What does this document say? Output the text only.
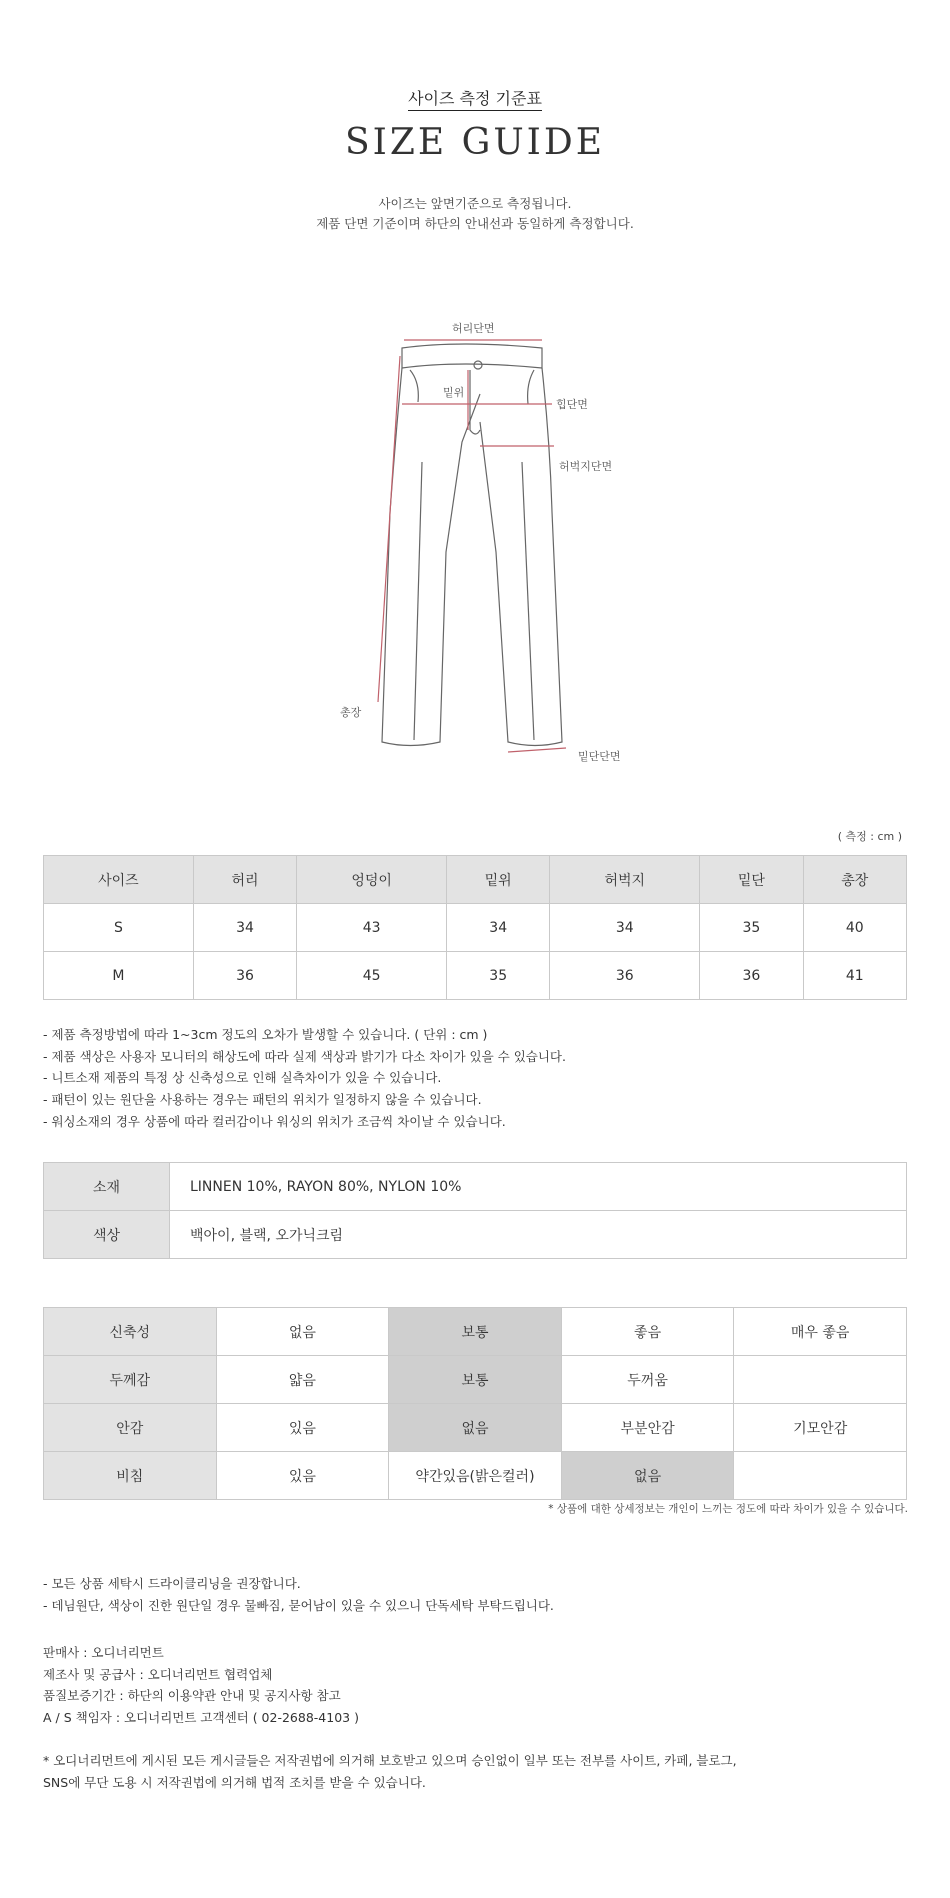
사이즈 측정 기준표
SIZE GUIDE
사이즈는 앞면기준으로 측정됩니다.
제품 단면 기준이며 하단의 안내선과 동일하게 측정합니다.
허리단면
밑위
힙단면
허벅지단면
총장
밑단단면
( 측정 : cm )
사이즈	허리	엉덩이	밑위	허벅지	밑단	총장
S	34	43	34	34	35	40
M	36	45	35	36	36	41
- 제품 측정방법에 따라 1~3cm 정도의 오차가 발생할 수 있습니다. ( 단위 : cm )
- 제품 색상은 사용자 모니터의 해상도에 따라 실제 색상과 밝기가 다소 차이가 있을 수 있습니다.
- 니트소재 제품의 특정 상 신축성으로 인해 실측차이가 있을 수 있습니다.
- 패턴이 있는 원단을 사용하는 경우는 패턴의 위치가 일정하지 않을 수 있습니다.
- 워싱소재의 경우 상품에 따라 컬러감이나 워싱의 위치가 조금씩 차이날 수 있습니다.
소재	LINNEN 10%, RAYON 80%, NYLON 10%
색상	백아이, 블랙, 오가닉크림
신축성	없음	보통	좋음	매우 좋음
두께감	얇음	보통	두꺼움	
안감	있음	없음	부분안감	기모안감
비침	있음	약간있음(밝은컬러)	없음	
* 상품에 대한 상세정보는 개인이 느끼는 정도에 따라 차이가 있을 수 있습니다.
- 모든 상품 세탁시 드라이클리닝을 권장합니다.
- 데님원단, 색상이 진한 원단일 경우 물빠짐, 묻어남이 있을 수 있으니 단독세탁 부탁드립니다.
판매사 : 오디너리먼트
제조사 및 공급사 : 오디너리먼트 협력업체
품질보증기간 : 하단의 이용약관 안내 및 공지사항 참고
A / S 책임자 : 오디너리먼트 고객센터 ( 02-2688-4103 )
* 오디너리먼트에 게시된 모든 게시글들은 저작권법에 의거해 보호받고 있으며 승인없이 일부 또는 전부를 사이트, 카페, 블로그,
SNS에 무단 도용 시 저작권법에 의거해 법적 조치를 받을 수 있습니다.
